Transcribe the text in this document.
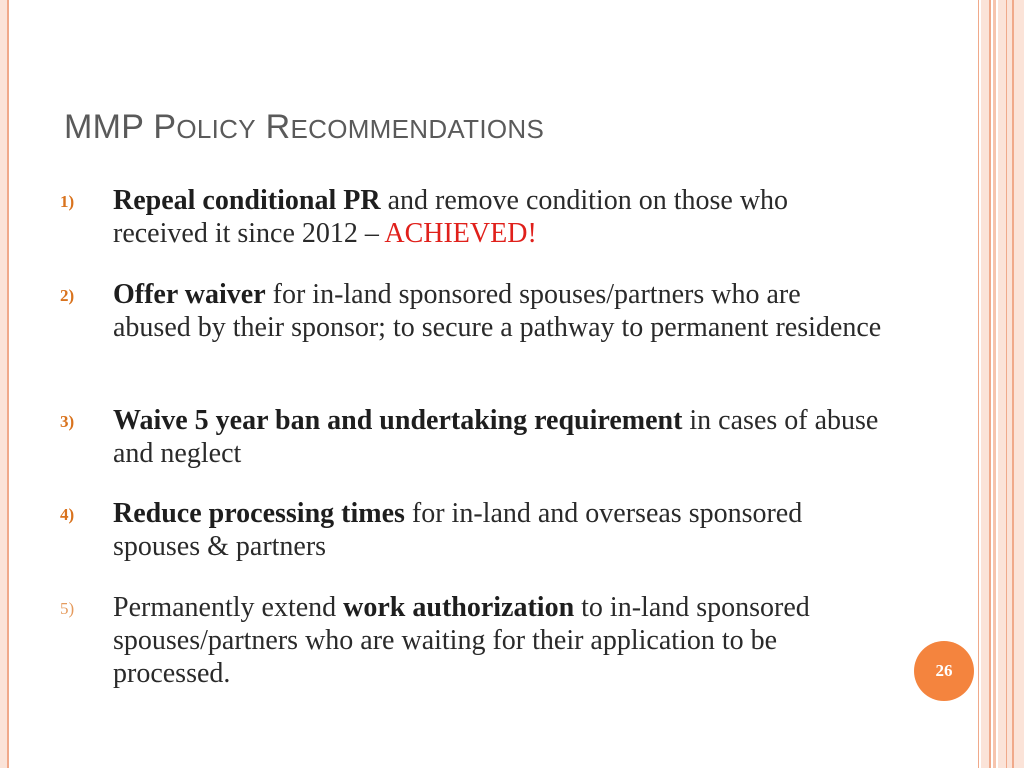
MMP POLICY RECOMMENDATIONS
1) Repeal conditional PR and remove condition on those who received it since 2012 – ACHIEVED!
2) Offer waiver for in-land sponsored spouses/partners who are abused by their sponsor; to secure a pathway to permanent residence
3) Waive 5 year ban and undertaking requirement in cases of abuse and neglect
4) Reduce processing times for in-land and overseas sponsored spouses & partners
5) Permanently extend work authorization to in-land sponsored spouses/partners who are waiting for their application to be processed.	26
